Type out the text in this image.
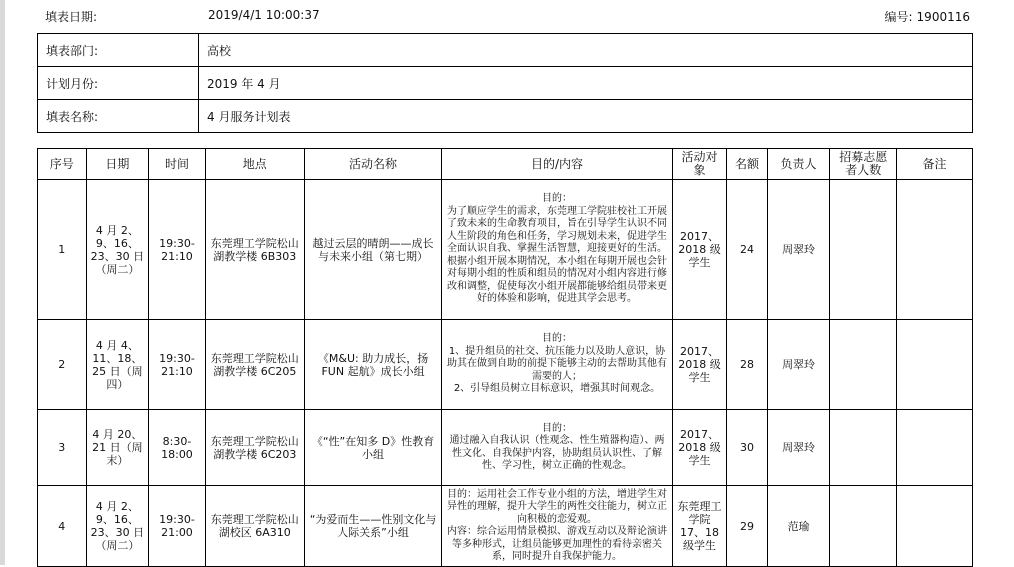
填表日期:	2019/4/1 10:00:37	编号: 1900116
填表部门:	高校
计划月份:	2019 年 4 月
填表名称:	4 月服务计划表
序号	日期	时间	地点	活动名称	目的/内容	活动对象	名额	负责人	招募志愿者人数	备注
1	4 月 2、9、16、23、30 日（周二）	19:30-21:10	东莞理工学院松山湖教学楼 6B303	越过云层的晴朗——成长与未来小组（第七期）	目的：
为了顺应学生的需求，东莞理工学院驻校社工开展了致未来的生命教育项目，旨在引导学生认识不同人生阶段的角色和任务，学习规划未来，促进学生全面认识自我、掌握生活智慧，迎接更好的生活。根据小组开展本期情况，本小组在每期开展也会针对每期小组的性质和组员的情况对小组内容进行修改和调整，促使每次小组开展都能够给组员带来更好的体验和影响，促进其学会思考。	2017、2018 级学生	24	周翠玲		
2	4 月 4、11、18、25 日（周四）	19:30-21:10	东莞理工学院松山湖教学楼 6C205	《M&U: 助力成长，扬 FUN 起航》成长小组	目的：
1、提升组员的社交、抗压能力以及助人意识，协助其在做到自助的前提下能够主动的去帮助其他有需要的人；
2、引导组员树立目标意识，增强其时间观念。	2017、2018 级学生	28	周翠玲		
3	4 月 20、21 日（周末）	8:30-18:00	东莞理工学院松山湖教学楼 6C203	《“性”在知多 D》性教育小组	目的：
通过融入自我认识（性观念、性生殖器构造）、两性文化、自我保护内容，协助组员认识性、了解性、学习性，树立正确的性观念。	2017、2018 级学生	30	周翠玲		
4	4 月 2、9、16、23、30 日（周二）	19:30-21:00	东莞理工学院松山湖校区 6A310	“为爱而生——性别文化与人际关系”小组	目的：运用社会工作专业小组的方法，增进学生对异性的理解，提升大学生的两性交往能力，树立正向积极的恋爱观。
内容：综合运用情景模拟、游戏互动以及辩论演讲等多种形式，让组员能够更加理性的看待亲密关系，同时提升自我保护能力。	东莞理工学院 17、18 级学生	29	范瑜		
